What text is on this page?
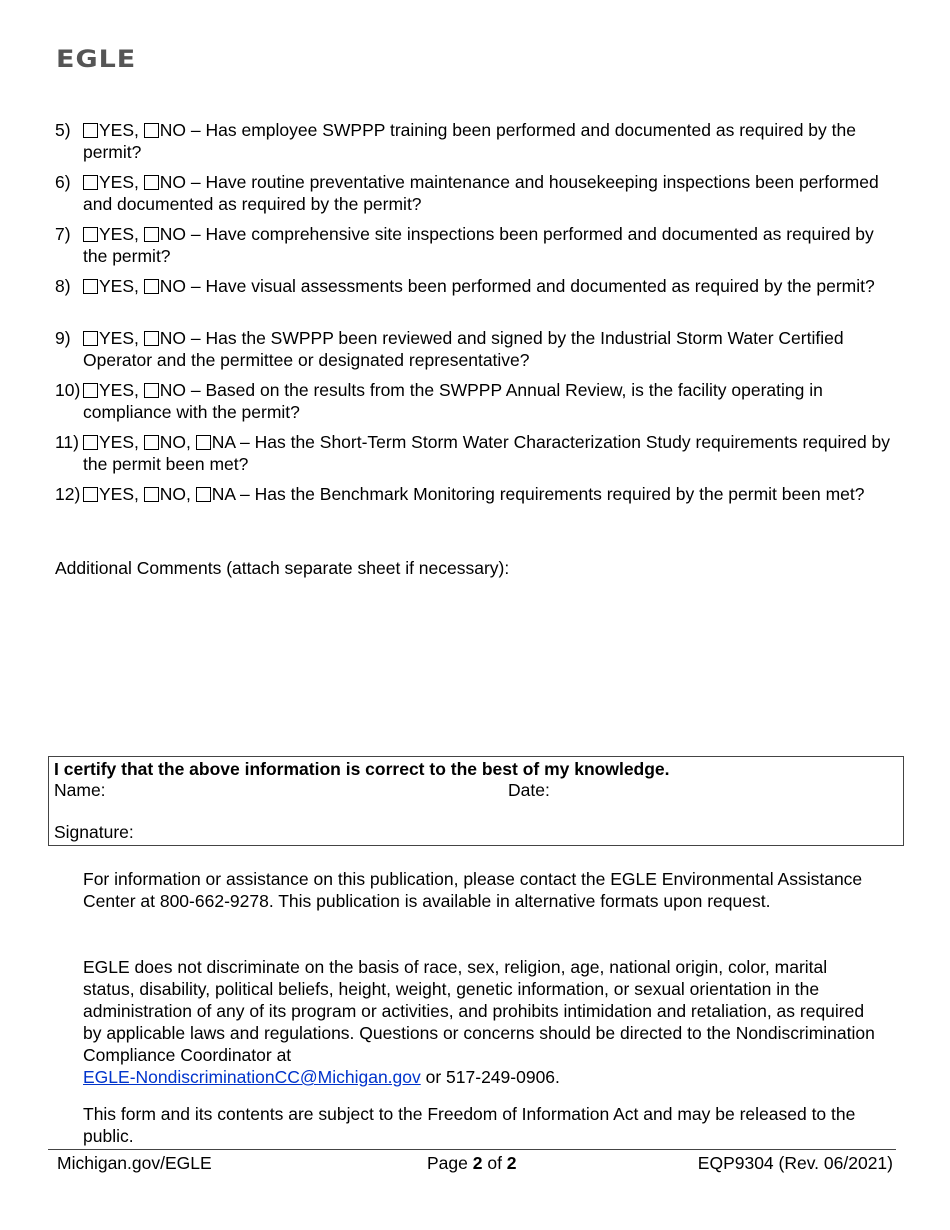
EGLE
5)	YES, NO – Has employee SWPPP training been performed and documented as required by the permit?
6)	YES, NO – Have routine preventative maintenance and housekeeping inspections been performed and documented as required by the permit?
7)	YES, NO – Have comprehensive site inspections been performed and documented as required by the permit?
8)	YES, NO – Have visual assessments been performed and documented as required by the permit?
9)	YES, NO – Has the SWPPP been reviewed and signed by the Industrial Storm Water Certified Operator and the permittee or designated representative?
10)	YES, NO – Based on the results from the SWPPP Annual Review, is the facility operating in compliance with the permit?
11)	YES, NO, NA – Has the Short-Term Storm Water Characterization Study requirements required by the permit been met?
12)	YES, NO, NA – Has the Benchmark Monitoring requirements required by the permit been met?
Additional Comments (attach separate sheet if necessary):
I certify that the above information is correct to the best of my knowledge.
Name:	Date:
Signature:
For information or assistance on this publication, please contact the EGLE Environmental Assistance Center at 800-662-9278. This publication is available in alternative formats upon request.
EGLE does not discriminate on the basis of race, sex, religion, age, national origin, color, marital status, disability, political beliefs, height, weight, genetic information, or sexual orientation in the administration of any of its program or activities, and prohibits intimidation and retaliation, as required by applicable laws and regulations. Questions or concerns should be directed to the Nondiscrimination Compliance Coordinator at
EGLE-NondiscriminationCC@Michigan.gov or 517-249-0906.
This form and its contents are subject to the Freedom of Information Act and may be released to the public.
Michigan.gov/EGLE	Page 2 of 2	EQP9304 (Rev. 06/2021)
